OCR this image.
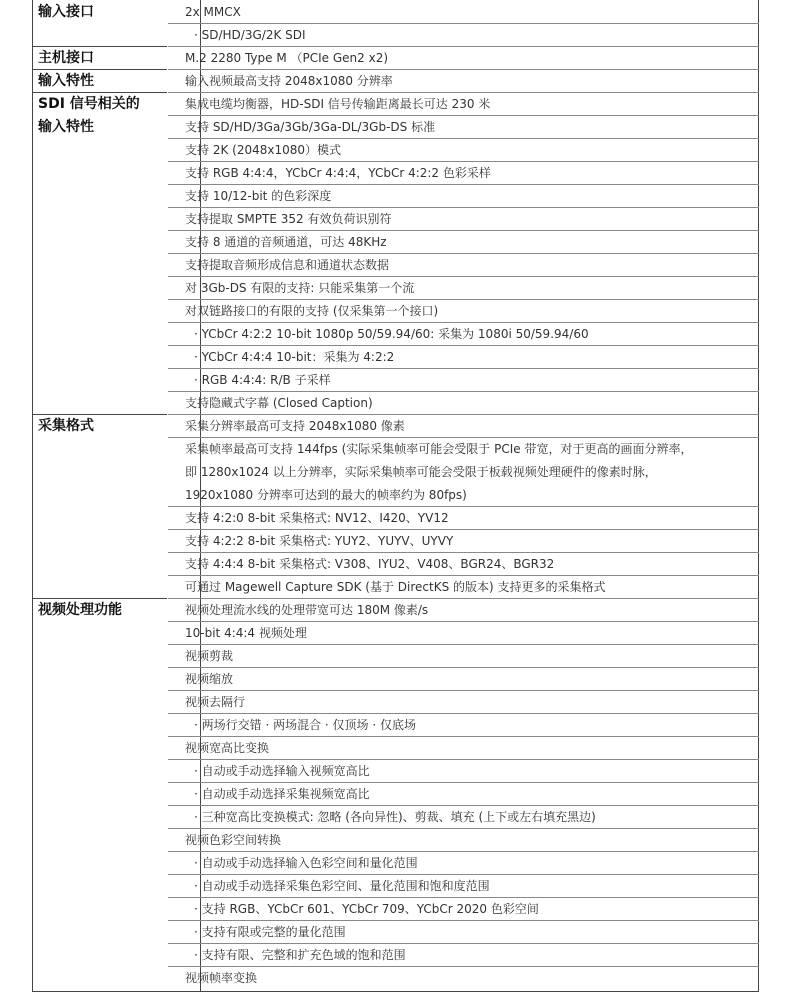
2x MMCX
· SD/HD/3G/2K SDI
输入接口
M.2 2280 Type M （PCIe Gen2 x2)
主机接口
输入视频最高支持 2048x1080 分辨率
输入特性
集成电缆均衡器，HD-SDI 信号传输距离最长可达 230 米
支持 SD/HD/3Ga/3Gb/3Ga-DL/3Gb-DS 标准
支持 2K (2048x1080）模式
支持 RGB 4:4:4，YCbCr 4:4:4，YCbCr 4:2:2 色彩采样
支持 10/12-bit 的色彩深度
支持提取 SMPTE 352 有效负荷识别符
支持 8 通道的音频通道，可达 48KHz
支持提取音频形成信息和通道状态数据
对 3Gb-DS 有限的支持: 只能采集第一个流
对双链路接口的有限的支持 (仅采集第一个接口)
· YCbCr 4:2:2 10-bit 1080p 50/59.94/60: 采集为 1080i 50/59.94/60
· YCbCr 4:4:4 10-bit：采集为 4:2:2
· RGB 4:4:4: R/B 子采样
支持隐藏式字幕 (Closed Caption)
SDI 信号相关的
输入特性
采集分辨率最高可支持 2048x1080 像素
采集帧率最高可支持 144fps (实际采集帧率可能会受限于 PCIe 带宽，对于更高的画面分辨率，
即 1280x1024 以上分辨率，实际采集帧率可能会受限于板载视频处理硬件的像素时脉，
1920x1080 分辨率可达到的最大的帧率约为 80fps)
支持 4:2:0 8-bit 采集格式: NV12、I420、YV12
支持 4:2:2 8-bit 采集格式: YUY2、YUYV、UYVY
支持 4:4:4 8-bit 采集格式: V308、IYU2、V408、BGR24、BGR32
可通过 Magewell Capture SDK (基于 DirectKS 的版本) 支持更多的采集格式
采集格式
视频处理流水线的处理带宽可达 180M 像素/s
10-bit 4:4:4 视频处理
视频剪裁
视频缩放
视频去隔行
· 两场行交错 · 两场混合 · 仅顶场 · 仅底场
视频宽高比变换
· 自动或手动选择输入视频宽高比
· 自动或手动选择采集视频宽高比
· 三种宽高比变换模式: 忽略 (各向异性)、剪裁、填充 (上下或左右填充黑边)
视频色彩空间转换
· 自动或手动选择输入色彩空间和量化范围
· 自动或手动选择采集色彩空间、量化范围和饱和度范围
· 支持 RGB、YCbCr 601、YCbCr 709、YCbCr 2020 色彩空间
· 支持有限或完整的量化范围
· 支持有限、完整和扩充色域的饱和范围
视频帧率变换
视频处理功能
